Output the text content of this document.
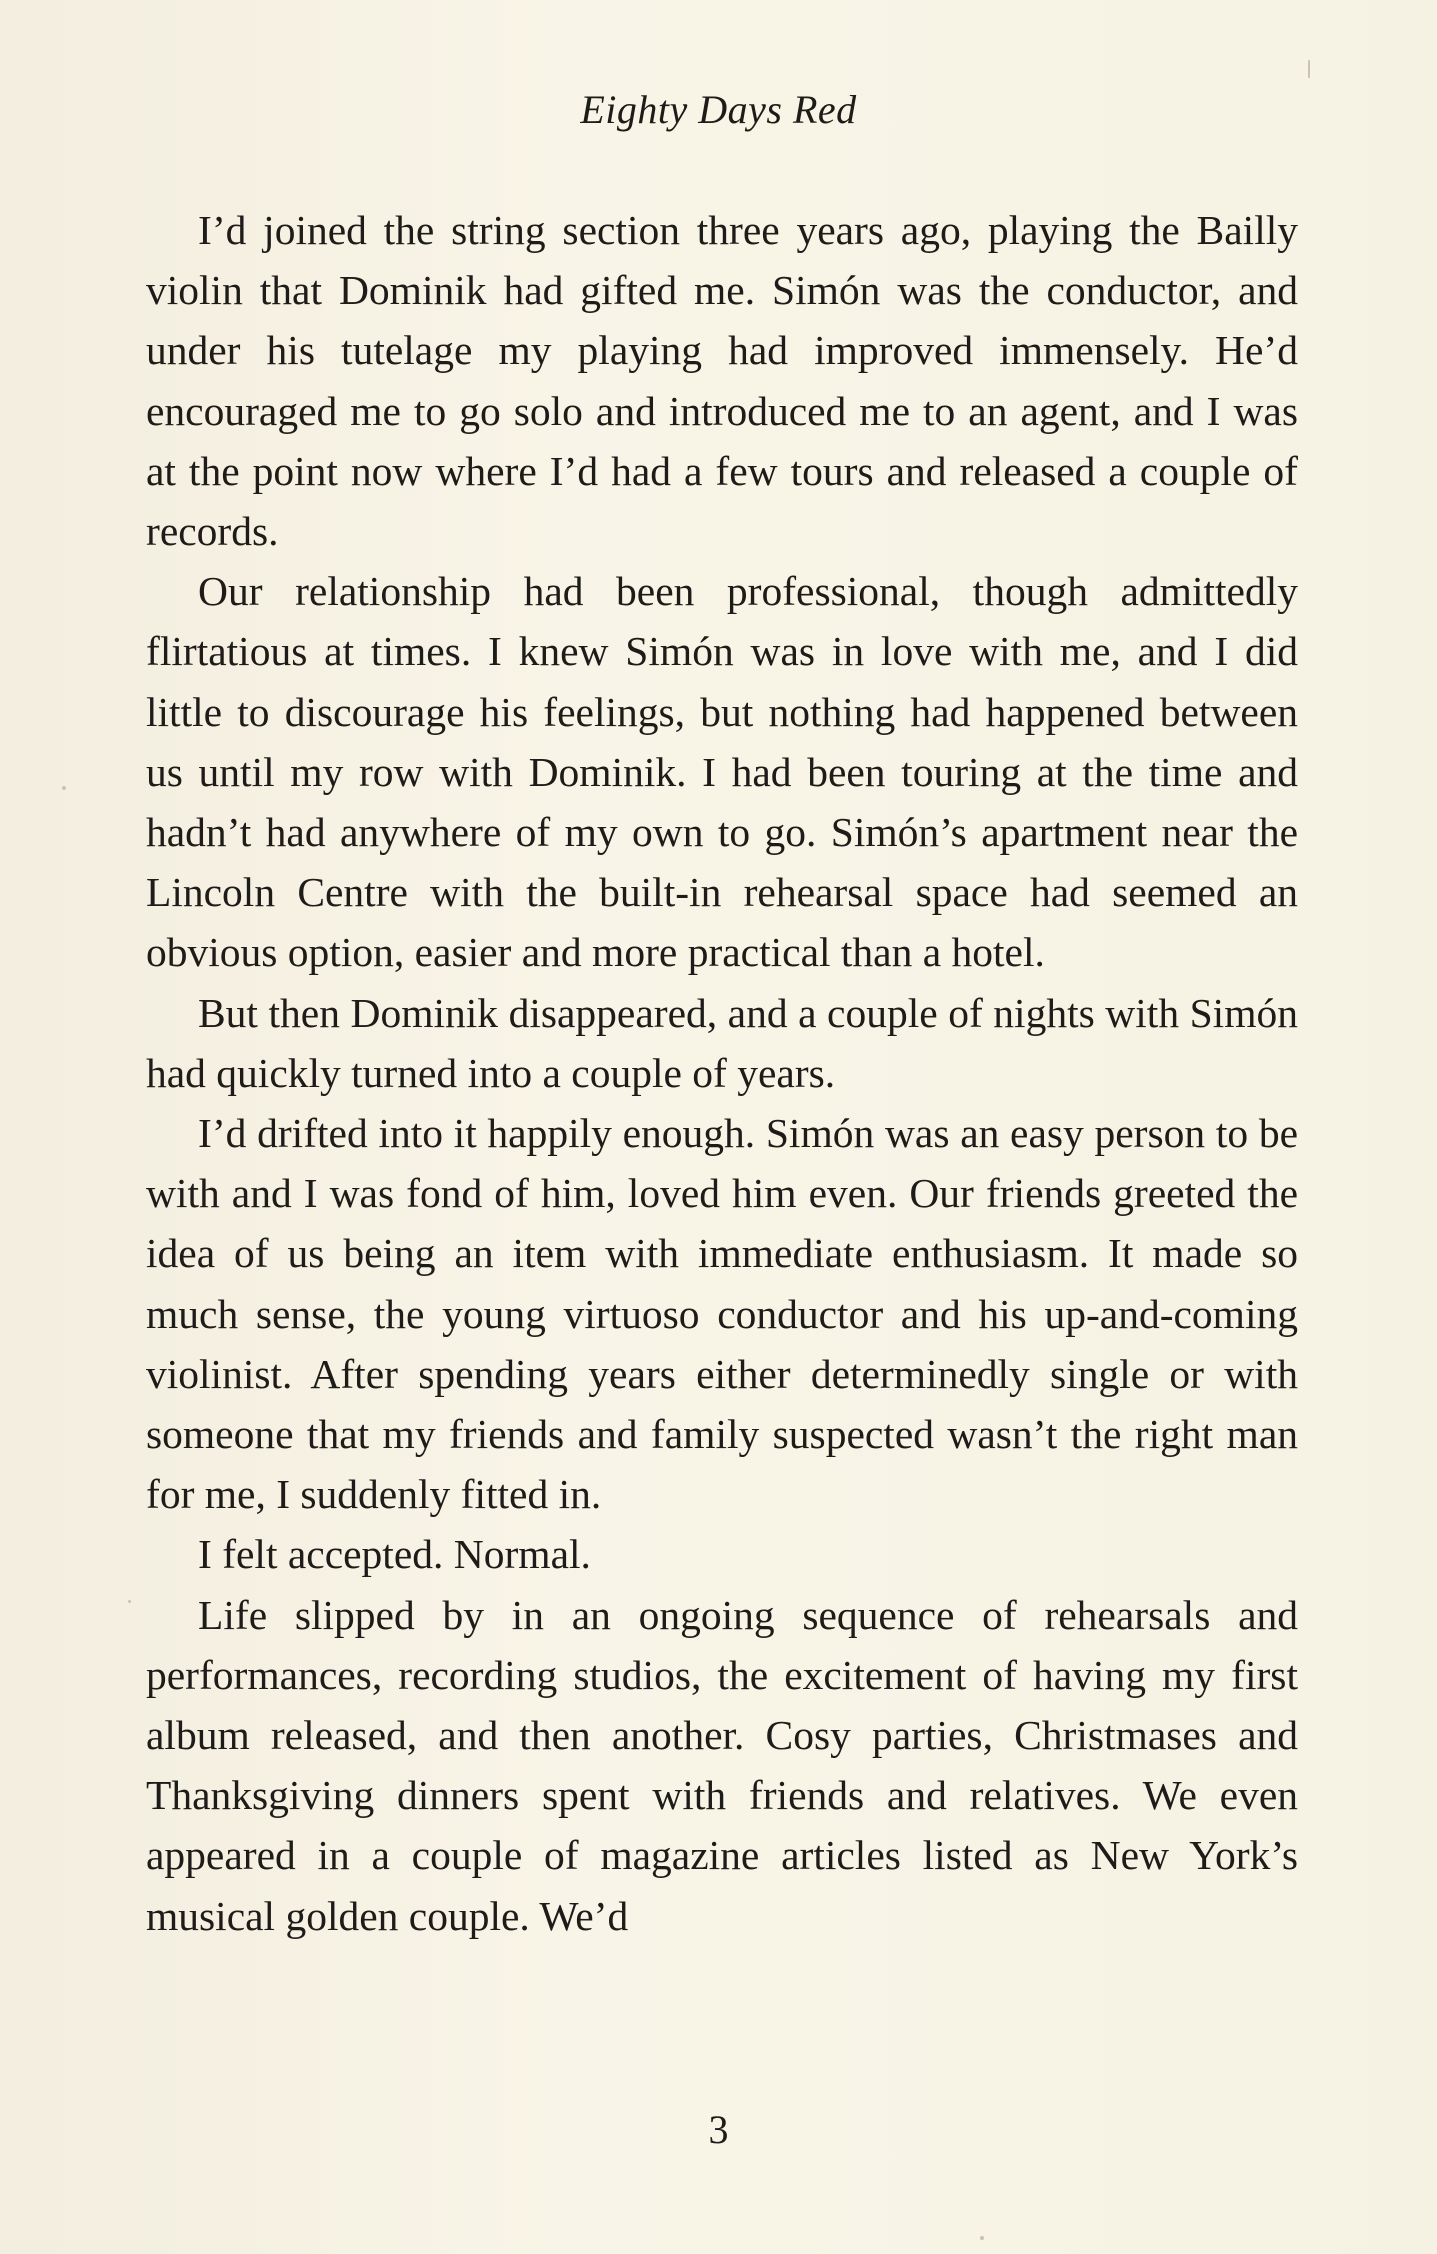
Eighty Days Red

I’d joined the string section three years ago, playing the Bailly violin that Dominik had gifted me. Simón was the conductor, and under his tutelage my playing had improved immensely. He’d encouraged me to go solo and introduced me to an agent, and I was at the point now where I’d had a few tours and released a couple of records.

Our relationship had been professional, though admittedly flirtatious at times. I knew Simón was in love with me, and I did little to discourage his feelings, but nothing had happened between us until my row with Dominik. I had been touring at the time and hadn’t had anywhere of my own to go. Simón’s apartment near the Lincoln Centre with the built-in rehearsal space had seemed an obvious option, easier and more practical than a hotel.

But then Dominik disappeared, and a couple of nights with Simón had quickly turned into a couple of years.

I’d drifted into it happily enough. Simón was an easy person to be with and I was fond of him, loved him even. Our friends greeted the idea of us being an item with immediate enthusiasm. It made so much sense, the young virtuoso conductor and his up-and-coming violinist. After spending years either determinedly single or with someone that my friends and family suspected wasn’t the right man for me, I suddenly fitted in.

I felt accepted. Normal.

Life slipped by in an ongoing sequence of rehearsals and performances, recording studios, the excitement of having my first album released, and then another. Cosy parties, Christmases and Thanksgiving dinners spent with friends and relatives. We even appeared in a couple of magazine articles listed as New York’s musical golden couple. We’d

3
